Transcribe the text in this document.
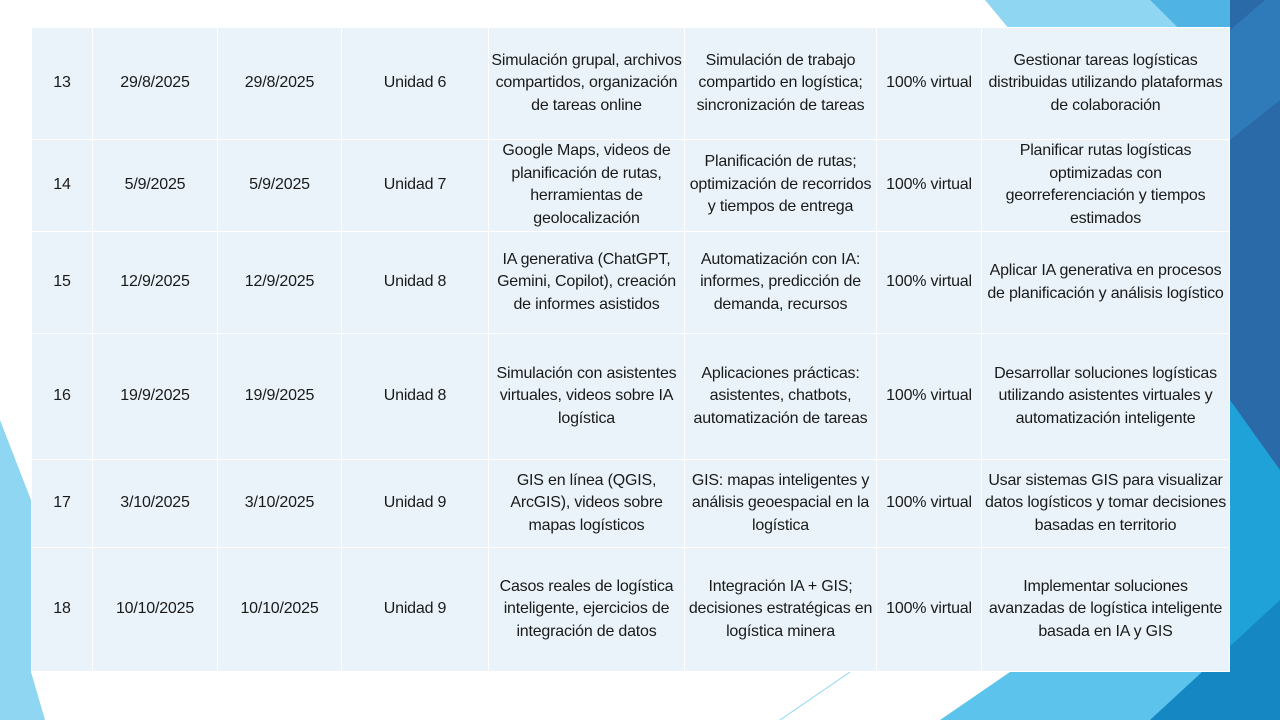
13	29/8/2025	29/8/2025	Unidad 6	Simulación grupal, archivos compartidos, organización de tareas online	Simulación de trabajo compartido en logística; sincronización de tareas	100% virtual	Gestionar tareas logísticas distribuidas utilizando plataformas de colaboración
14	5/9/2025	5/9/2025	Unidad 7	Google Maps, videos de planificación de rutas, herramientas de geolocalización	Planificación de rutas; optimización de recorridos y tiempos de entrega	100% virtual	Planificar rutas logísticas optimizadas con georreferenciación y tiempos estimados
15	12/9/2025	12/9/2025	Unidad 8	IA generativa (ChatGPT, Gemini, Copilot), creación de informes asistidos	Automatización con IA: informes, predicción de demanda, recursos	100% virtual	Aplicar IA generativa en procesos de planificación y análisis logístico
16	19/9/2025	19/9/2025	Unidad 8	Simulación con asistentes virtuales, videos sobre IA logística	Aplicaciones prácticas: asistentes, chatbots, automatización de tareas	100% virtual	Desarrollar soluciones logísticas utilizando asistentes virtuales y automatización inteligente
17	3/10/2025	3/10/2025	Unidad 9	GIS en línea (QGIS, ArcGIS), videos sobre mapas logísticos	GIS: mapas inteligentes y análisis geoespacial en la logística	100% virtual	Usar sistemas GIS para visualizar datos logísticos y tomar decisiones basadas en territorio
18	10/10/2025	10/10/2025	Unidad 9	Casos reales de logística inteligente, ejercicios de integración de datos	Integración IA + GIS; decisiones estratégicas en logística minera	100% virtual	Implementar soluciones avanzadas de logística inteligente basada en IA y GIS
